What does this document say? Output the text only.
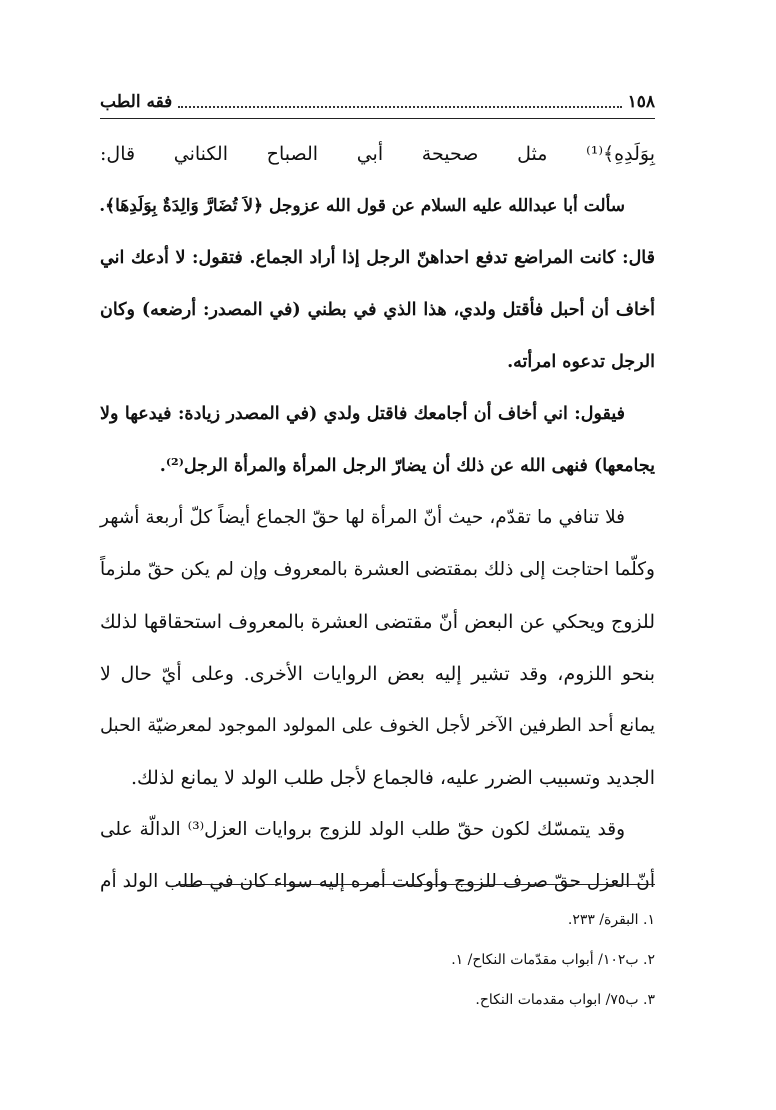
١٥٨
فقه الطب
بِوَلَدِهِ﴾⁽¹⁾ مثل صحيحة أبي الصباح الكناني قال:
سألت أبا عبدالله عليه السلام عن قول الله عزوجل ﴿لاَ تُضَارَّ وَالِدَةٌ بِوَلَدِهَا﴾.
قال: كانت المراضع تدفع احداهنّ الرجل إذا أراد الجماع. فتقول: لا أدعك اني
أخاف أن أحبل فأقتل ولدي، هذا الذي في بطني (في المصدر: أرضعه) وكان
الرجل تدعوه امرأته.
فيقول: اني أخاف أن أجامعك فاقتل ولدي (في المصدر زيادة: فيدعها ولا
يجامعها) فنهى الله عن ذلك أن يضارّ الرجل المرأة والمرأة الرجل⁽²⁾.
فلا تنافي ما تقدّم، حيث أنّ المرأة لها حقّ الجماع أيضاً كلّ أربعة أشهر
وكلّما احتاجت إلى ذلك بمقتضى العشرة بالمعروف وإن لم يكن حقّ ملزماً
للزوج ويحكي عن البعض أنّ مقتضى العشرة بالمعروف استحقاقها لذلك
بنحو اللزوم، وقد تشير إليه بعض الروايات الأخرى. وعلى أيّ حال لا
يمانع أحد الطرفين الآخر لأجل الخوف على المولود الموجود لمعرضيّة الحبل
الجديد وتسبيب الضرر عليه، فالجماع لأجل طلب الولد لا يمانع لذلك.
وقد يتمسّك لكون حقّ طلب الولد للزوج بروايات العزل⁽³⁾ الدالّة على
أنّ العزل حقّ صرف للزوج وأوكلت أمره إليه سواء كان في طلب الولد أم
١. البقرة/ ٢٣٣.
٢. ب١٠٢/ أبواب مقدّمات النكاح/ ١.
٣. ب٧٥/ ابواب مقدمات النكاح.
